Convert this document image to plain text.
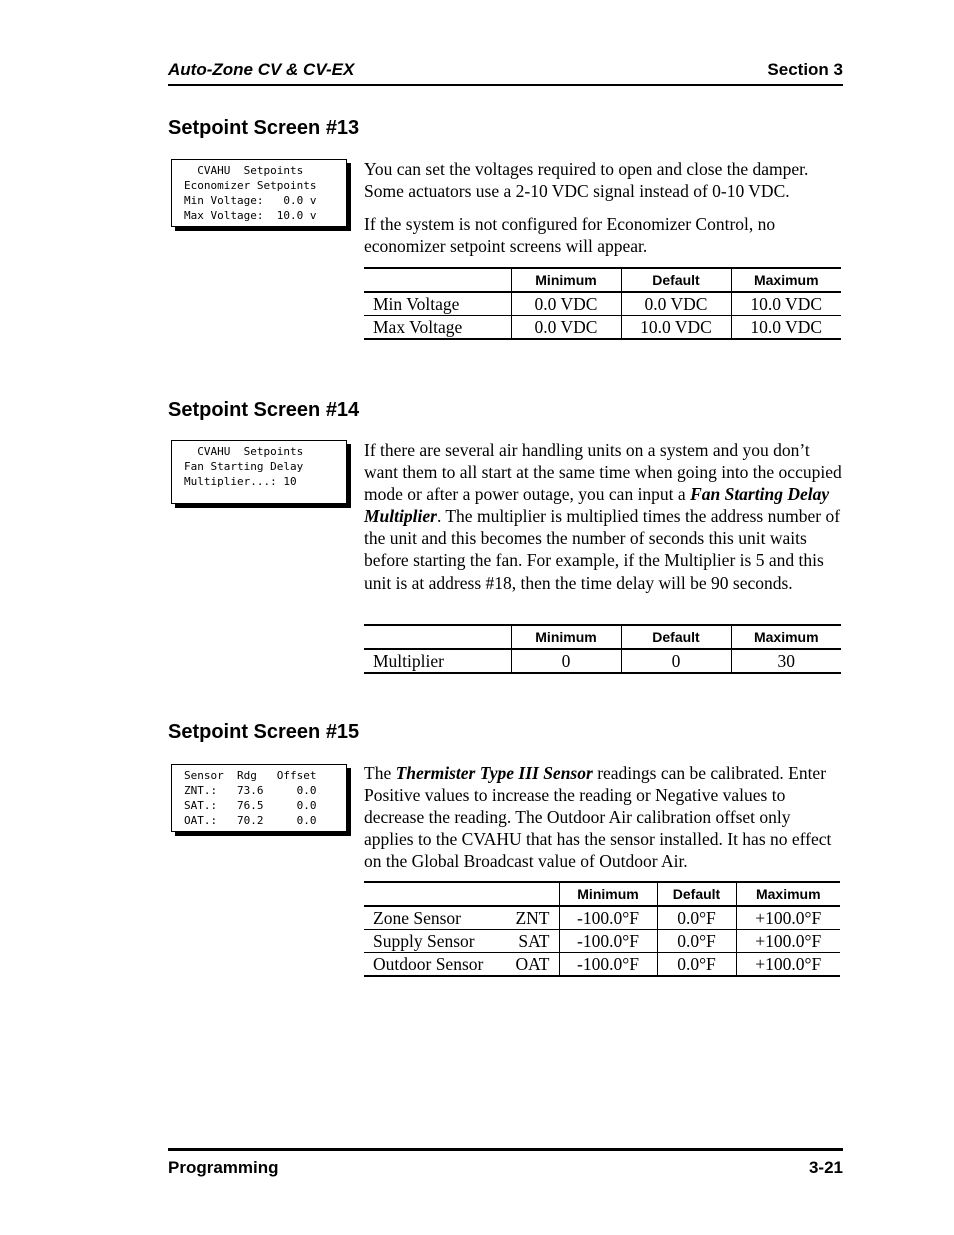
Auto-Zone CV & CV-EX	Section 3
Setpoint Screen #13
CVAHU  Setpoints
Economizer Setpoints
Min Voltage:   0.0 v
Max Voltage:  10.0 v

You can set the voltages required to open and close the damper. Some actuators use a 2-10 VDC signal instead of 0-10 VDC.

If the system is not configured for Economizer Control, no economizer setpoint screens will appear.

	Minimum	Default	Maximum
Min Voltage	0.0 VDC	0.0 VDC	10.0 VDC
Max Voltage	0.0 VDC	10.0 VDC	10.0 VDC
Setpoint Screen #14
CVAHU  Setpoints
Fan Starting Delay
Multiplier...: 10

If there are several air handling units on a system and you don’t want them to all start at the same time when going into the occupied mode or after a power outage, you can input a Fan Starting Delay Multiplier. The multiplier is multiplied times the address number of the unit and this becomes the number of seconds this unit waits before starting the fan. For example, if the Multiplier is 5 and this unit is at address #18, then the time delay will be 90 seconds.

	Minimum	Default	Maximum
Multiplier	0	0	30
Setpoint Screen #15
Sensor  Rdg   Offset
ZNT.:   73.6     0.0
SAT.:   76.5     0.0
OAT.:   70.2     0.0

The Thermister Type III Sensor readings can be calibrated. Enter Positive values to increase the reading or Negative values to decrease the reading. The Outdoor Air calibration offset only applies to the CVAHU that has the sensor installed. It has no effect on the Global Broadcast value of Outdoor Air.

	Minimum	Default	Maximum

Zone Sensor ZNT	-100.0°F	0.0°F	+100.0°F

Supply Sensor SAT	-100.0°F	0.0°F	+100.0°F

Outdoor Sensor OAT	-100.0°F	0.0°F	+100.0°F
Programming	3-21
